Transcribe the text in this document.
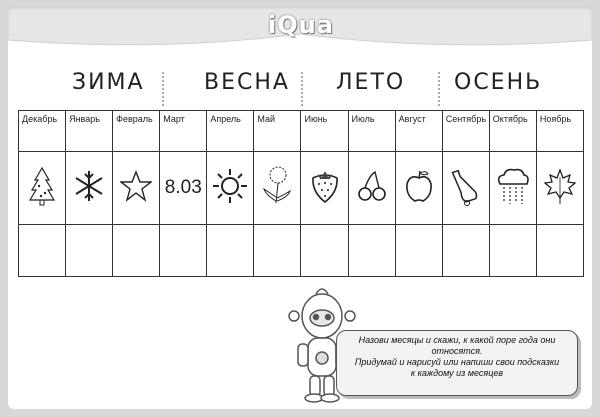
iQua
ЗИМА	ВЕСНА ЛЕТО ОСЕНЬ
Декабрь	Январь	Февраль	Март	Апрель	Май	Июнь	Июль	Август	Сентябрь	Октябрь	Ноябрь

			8.03								

Назови месяцы и скажи, к какой поре года они
относятся.
Придумай и нарисуй или напиши свои подсказки
к каждому из месяцев
